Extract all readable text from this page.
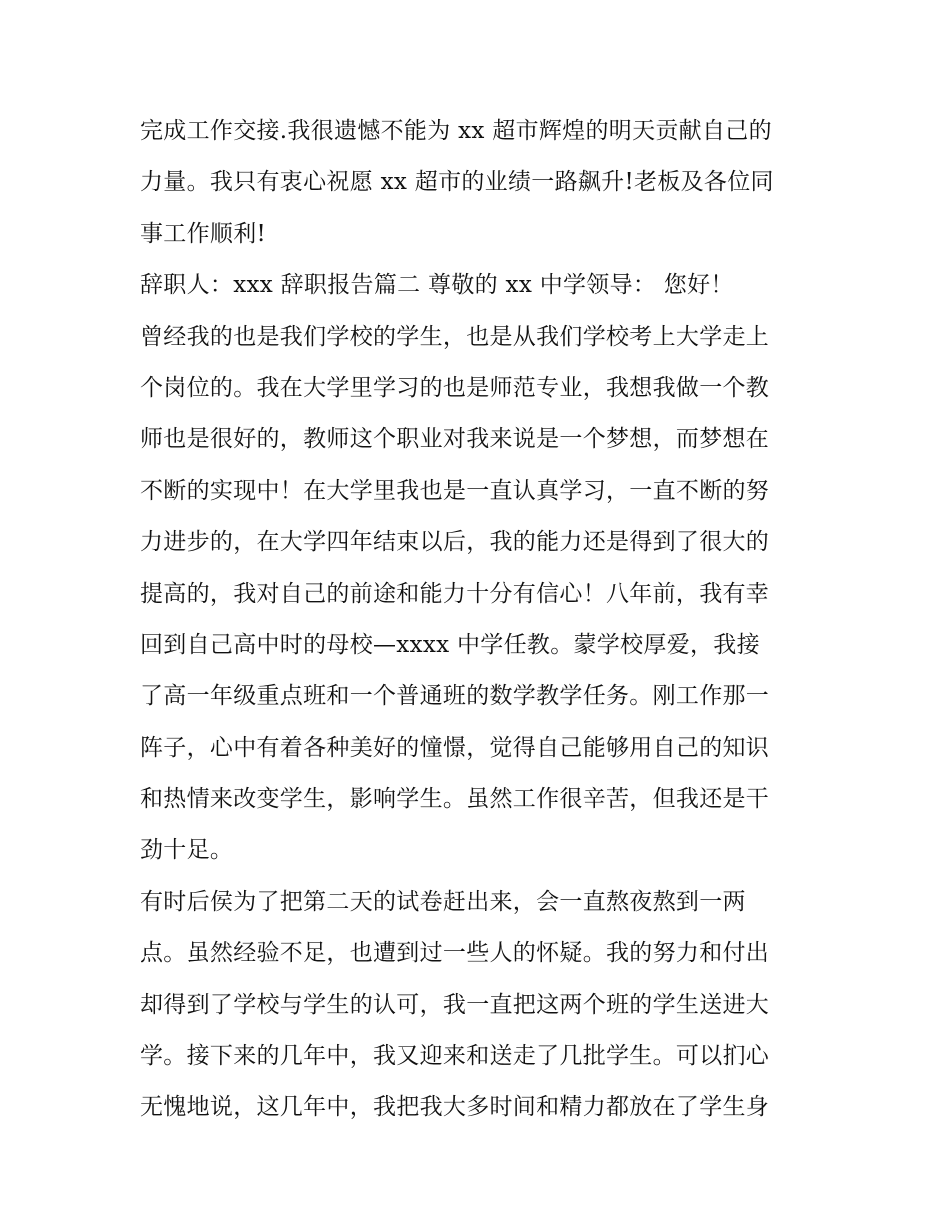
完成工作交接.我很遗憾不能为 xx 超市辉煌的明天贡献自己的
力量。我只有衷心祝愿 xx 超市的业绩一路飙升!老板及各位同
事工作顺利!
辞职人：xxx 辞职报告篇二 尊敬的 xx 中学领导： 您好！
曾经我的也是我们学校的学生，也是从我们学校考上大学走上
个岗位的。我在大学里学习的也是师范专业，我想我做一个教
师也是很好的，教师这个职业对我来说是一个梦想，而梦想在
不断的实现中！在大学里我也是一直认真学习，一直不断的努
力进步的，在大学四年结束以后，我的能力还是得到了很大的
提高的，我对自己的前途和能力十分有信心！八年前，我有幸
回到自己高中时的母校—xxxx 中学任教。蒙学校厚爱，我接
了高一年级重点班和一个普通班的数学教学任务。刚工作那一
阵子，心中有着各种美好的憧憬，觉得自己能够用自己的知识
和热情来改变学生，影响学生。虽然工作很辛苦，但我还是干
劲十足。
有时后侯为了把第二天的试卷赶出来，会一直熬夜熬到一两
点。虽然经验不足，也遭到过一些人的怀疑。我的努力和付出
却得到了学校与学生的认可，我一直把这两个班的学生送进大
学。接下来的几年中，我又迎来和送走了几批学生。可以扪心
无愧地说，这几年中，我把我大多时间和精力都放在了学生身
